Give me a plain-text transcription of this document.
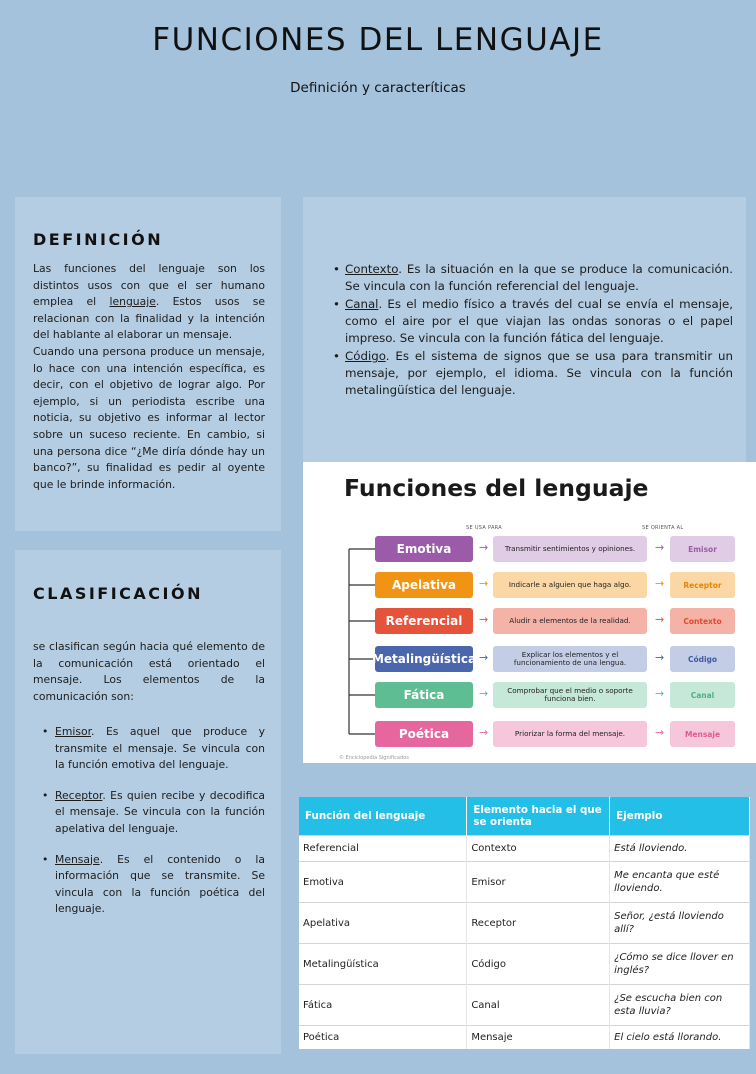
FUNCIONES DEL LENGUAJE
Definición y caracteríticas
DEFINICIÓN
Las funciones del lenguaje son los distintos usos con que el ser humano emplea el lenguaje. Estos usos se relacionan con la finalidad y la intención del hablante al elaborar un mensaje.
Cuando una persona produce un mensaje, lo hace con una intención específica, es decir, con el objetivo de lograr algo. Por ejemplo, si un periodista escribe una noticia, su objetivo es informar al lector sobre un suceso reciente. En cambio, si una persona dice “¿Me diría dónde hay un banco?”, su finalidad es pedir al oyente que le brinde información.
CLASIFICACIÓN
se clasifican según hacia qué elemento de la comunicación está orientado el mensaje. Los elementos de la comunicación son:
• Emisor. Es aquel que produce y transmite el mensaje. Se vincula con la función emotiva del lenguaje.
• Receptor. Es quien recibe y decodifica el mensaje. Se vincula con la función apelativa del lenguaje.
• Mensaje. Es el contenido o la información que se transmite. Se vincula con la función poética del lenguaje.
• Contexto. Es la situación en la que se produce la comunicación. Se vincula con la función referencial del lenguaje.
• Canal. Es el medio físico a través del cual se envía el mensaje, como el aire por el que viajan las ondas sonoras o el papel impreso. Se vincula con la función fática del lenguaje.
• Código. Es el sistema de signos que se usa para transmitir un mensaje, por ejemplo, el idioma. Se vincula con la función metalingüística del lenguaje.
Funciones del lenguaje
SE USA PARA	SE ORIENTA AL
Emotiva	→	Transmitir sentimientos y opiniones.	→	Emisor
Apelativa	→	Indicarle a alguien que haga algo.	→	Receptor
Referencial	→	Aludir a elementos de la realidad.	→	Contexto
Metalingüística →	Explicar los elementos y el funcionamiento de una lengua.	→	Código
Fática	→	Comprobar que el medio o soporte funciona bien.	→	Canal
Poética	→	Priorizar la forma del mensaje.	→	Mensaje
© Enciclopedia Significados
Función del lenguaje	Elemento hacia el que se orienta	Ejemplo
Referencial	Contexto	Está lloviendo.
Emotiva	Emisor	Me encanta que esté lloviendo.
Apelativa	Receptor	Señor, ¿está lloviendo allí?
Metalingüística	Código	¿Cómo se dice llover en inglés?
Fática	Canal	¿Se escucha bien con esta lluvia?
Poética	Mensaje	El cielo está llorando.
